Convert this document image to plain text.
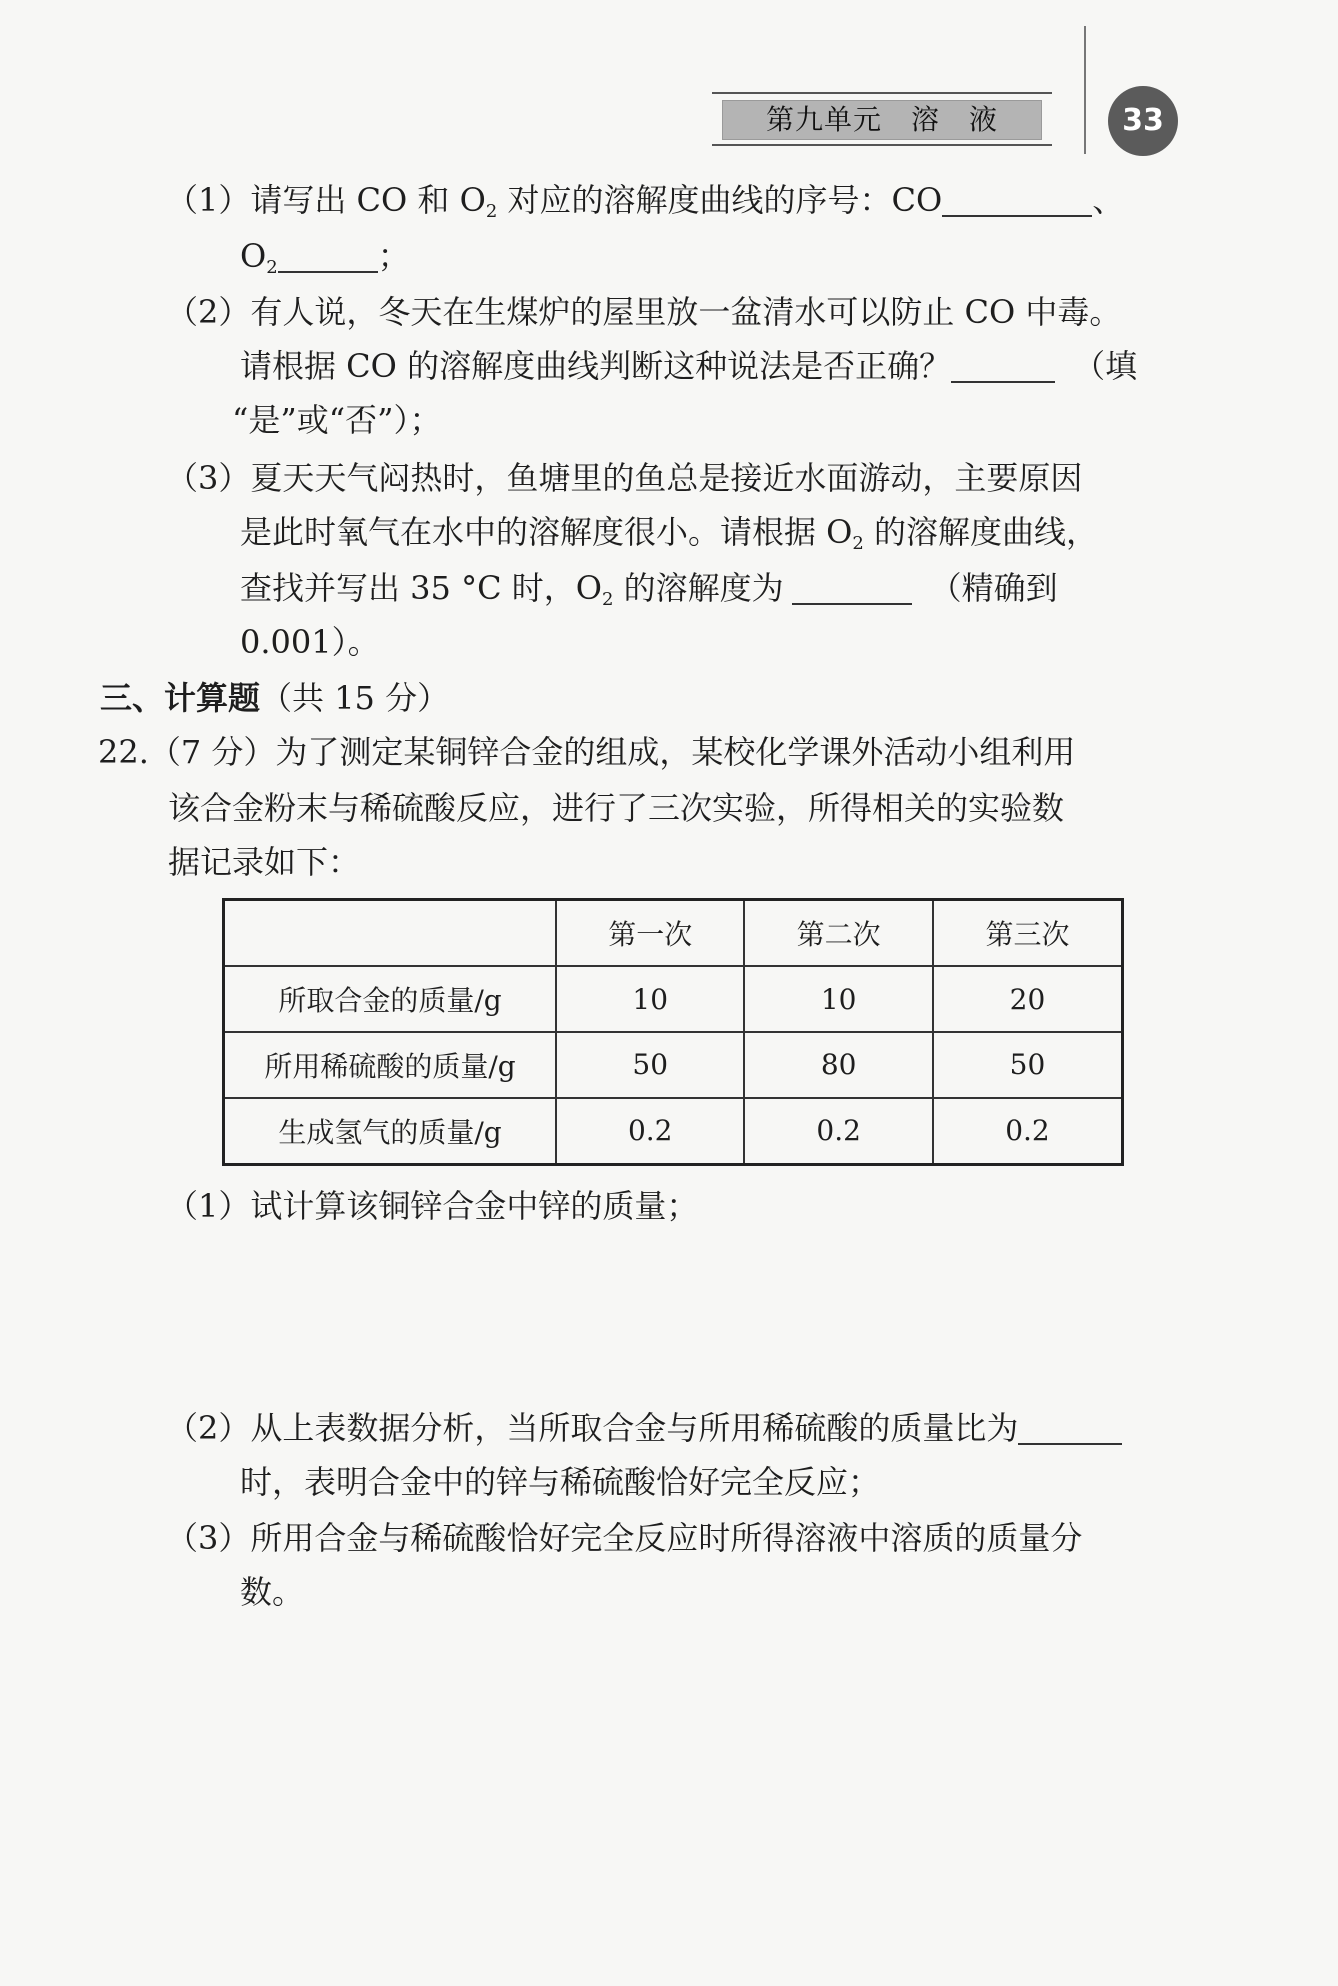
第九单元　溶　液	33
（1）请写出 CO 和 $O_2$ 对应的溶解度曲线的序号：CO	、
$O_2$	；
（2）有人说，冬天在生煤炉的屋里放一盆清水可以防止 CO 中毒。
请根据 CO 的溶解度曲线判断这种说法是否正确？	（填
“是”或“否”）；
（3）夏天天气闷热时，鱼塘里的鱼总是接近水面游动，主要原因
是此时氧气在水中的溶解度很小。请根据 $O_2$ 的溶解度曲线，
查找并写出 35 °C 时，$O_2$ 的溶解度为	（精确到
0.001）。
三、计算题（共 15 分）
22.（7 分）为了测定某铜锌合金的组成，某校化学课外活动小组利用
该合金粉末与稀硫酸反应，进行了三次实验，所得相关的实验数
据记录如下：
	第一次	第二次	第三次
所取合金的质量/g	10	10	20
所用稀硫酸的质量/g	50	80	50
生成氢气的质量/g	0.2	0.2	0.2
（1）试计算该铜锌合金中锌的质量；
（2）从上表数据分析，当所取合金与所用稀硫酸的质量比为
时，表明合金中的锌与稀硫酸恰好完全反应；
（3）所用合金与稀硫酸恰好完全反应时所得溶液中溶质的质量分
数。
